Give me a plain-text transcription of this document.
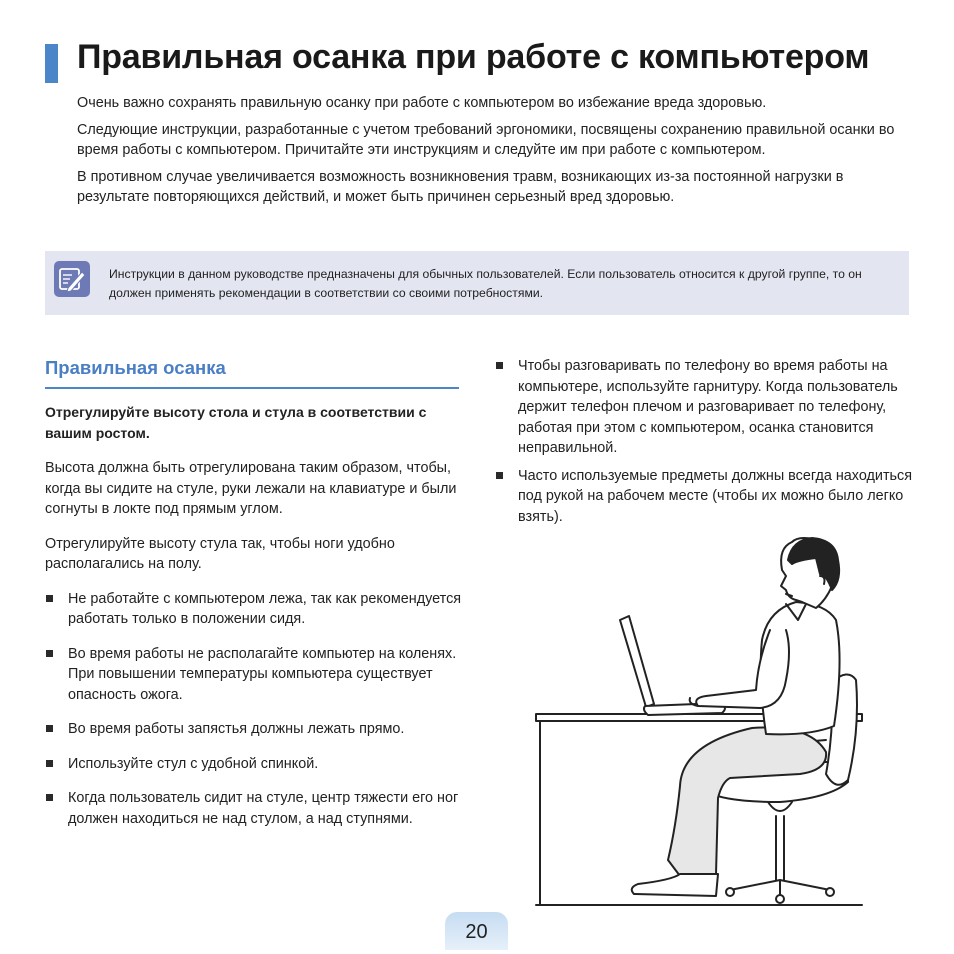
Правильная осанка при работе с компьютером

Очень важно сохранять правильную осанку при работе с компьютером во избежание вреда здоровью.

Следующие инструкции, разработанные с учетом требований эргономики, посвящены сохранению правильной осанки во время работы с компьютером. Причитайте эти инструкциям и следуйте им при работе с компьютером.

В противном случае увеличивается возможность возникновения травм, возникающих из-за постоянной нагрузки в результате повторяющихся действий, и может быть причинен серьезный вред здоровью.

Инструкции в данном руководстве предназначены для обычных пользователей. Если пользователь относится к другой группе, то он должен применять рекомендации в соответствии со своими потребностями.
Правильная осанка

Отрегулируйте высоту стола и стула в соответствии с вашим ростом.

Высота должна быть отрегулирована таким образом, чтобы, когда вы сидите на стуле, руки лежали на клавиатуре и были согнуты в локте под прямым углом.

Отрегулируйте высоту стула так, чтобы ноги удобно располагались на полу.

Не работайте с компьютером лежа, так как рекомендуется работать только в положении сидя.
Во время работы не располагайте компьютер на коленях. При повышении температуры компьютера существует опасность ожога.
Во время работы запястья должны лежать прямо.
Используйте стул с удобной спинкой.
Когда пользователь сидит на стуле, центр тяжести его ног должен находиться не над стулом, а над ступнями.
Чтобы разговаривать по телефону во время работы на компьютере, используйте гарнитуру. Когда пользователь держит телефон плечом и разговаривает по телефону, работая при этом с компьютером, осанка становится неправильной.
Часто используемые предметы должны всегда находиться под рукой на рабочем месте (чтобы их можно было легко взять).
20
